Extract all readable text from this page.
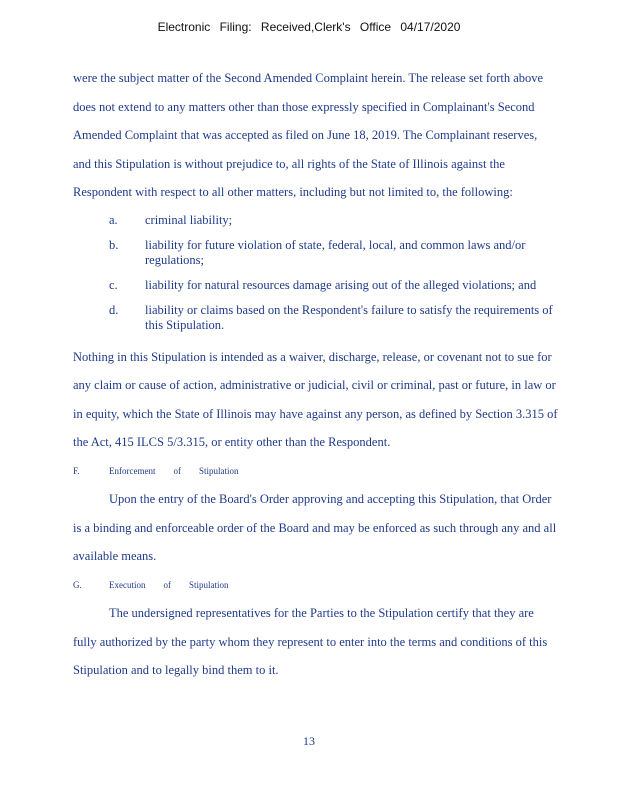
Electronic Filing: Received,Clerk's Office 04/17/2020
were the subject matter of the Second Amended Complaint herein. The release set forth above
does not extend to any matters other than those expressly specified in Complainant's Second
Amended Complaint that was accepted as filed on June 18, 2019. The Complainant reserves,
and this Stipulation is without prejudice to, all rights of the State of Illinois against the
Respondent with respect to all other matters, including but not limited to, the following:
a. criminal liability;
b. liability for future violation of state, federal, local, and common laws and/or regulations;
c. liability for natural resources damage arising out of the alleged violations; and
d. liability or claims based on the Respondent's failure to satisfy the requirements of this Stipulation.
Nothing in this Stipulation is intended as a waiver, discharge, release, or covenant not to sue for
any claim or cause of action, administrative or judicial, civil or criminal, past or future, in law or
in equity, which the State of Illinois may have against any person, as defined by Section 3.315 of
the Act, 415 ILCS 5/3.315, or entity other than the Respondent.
F.	Enforcement of Stipulation
Upon the entry of the Board's Order approving and accepting this Stipulation, that Order
is a binding and enforceable order of the Board and may be enforced as such through any and all
available means.
G.	Execution of Stipulation
The undersigned representatives for the Parties to the Stipulation certify that they are
fully authorized by the party whom they represent to enter into the terms and conditions of this
Stipulation and to legally bind them to it.
13
